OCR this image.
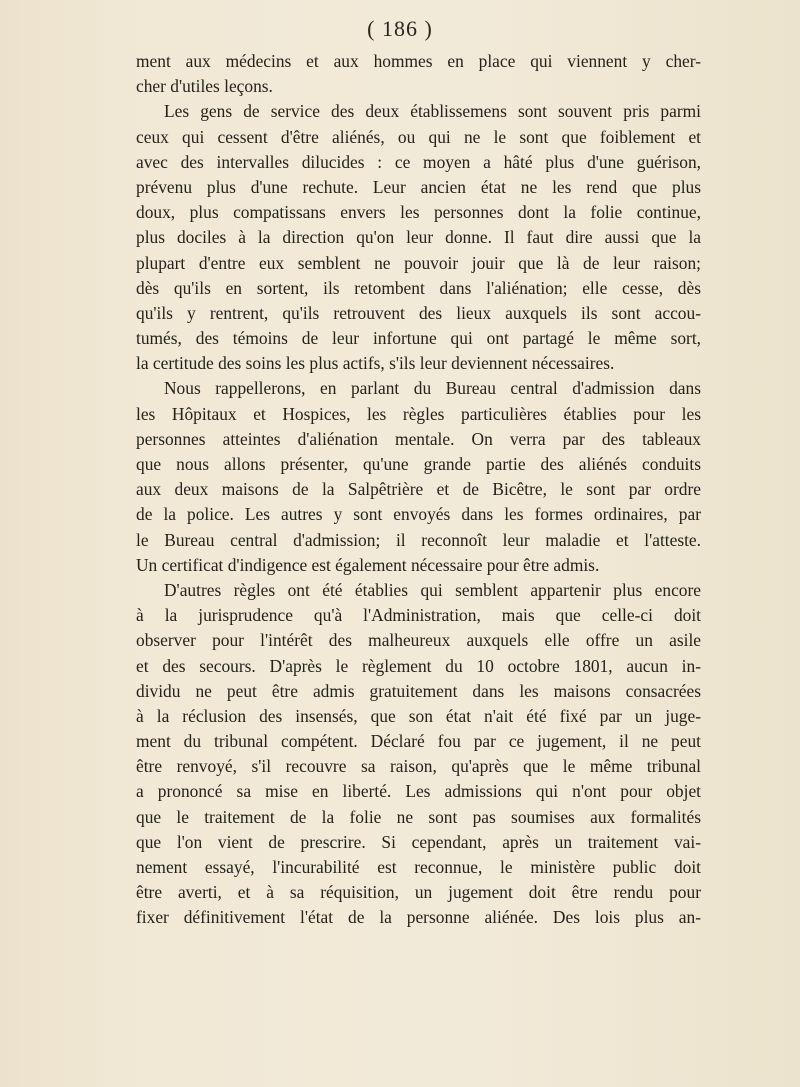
( 186 )
ment aux médecins et aux hommes en place qui viennent y cher-
cher d'utiles leçons.
Les gens de service des deux établissemens sont souvent pris parmi
ceux qui cessent d'être aliénés, ou qui ne le sont que foiblement et
avec des intervalles dilucides : ce moyen a hâté plus d'une guérison,
prévenu plus d'une rechute. Leur ancien état ne les rend que plus
doux, plus compatissans envers les personnes dont la folie continue,
plus dociles à la direction qu'on leur donne. Il faut dire aussi que la
plupart d'entre eux semblent ne pouvoir jouir que là de leur raison;
dès qu'ils en sortent, ils retombent dans l'aliénation; elle cesse, dès
qu'ils y rentrent, qu'ils retrouvent des lieux auxquels ils sont accou-
tumés, des témoins de leur infortune qui ont partagé le même sort,
la certitude des soins les plus actifs, s'ils leur deviennent nécessaires.
Nous rappellerons, en parlant du Bureau central d'admission dans
les Hôpitaux et Hospices, les règles particulières établies pour les
personnes atteintes d'aliénation mentale. On verra par des tableaux
que nous allons présenter, qu'une grande partie des aliénés conduits
aux deux maisons de la Salpêtrière et de Bicêtre, le sont par ordre
de la police. Les autres y sont envoyés dans les formes ordinaires, par
le Bureau central d'admission; il reconnoît leur maladie et l'atteste.
Un certificat d'indigence est également nécessaire pour être admis.
D'autres règles ont été établies qui semblent appartenir plus encore
à la jurisprudence qu'à l'Administration, mais que celle-ci doit
observer pour l'intérêt des malheureux auxquels elle offre un asile
et des secours. D'après le règlement du 10 octobre 1801, aucun in-
dividu ne peut être admis gratuitement dans les maisons consacrées
à la réclusion des insensés, que son état n'ait été fixé par un juge-
ment du tribunal compétent. Déclaré fou par ce jugement, il ne peut
être renvoyé, s'il recouvre sa raison, qu'après que le même tribunal
a prononcé sa mise en liberté. Les admissions qui n'ont pour objet
que le traitement de la folie ne sont pas soumises aux formalités
que l'on vient de prescrire. Si cependant, après un traitement vai-
nement essayé, l'incurabilité est reconnue, le ministère public doit
être averti, et à sa réquisition, un jugement doit être rendu pour
fixer définitivement l'état de la personne aliénée. Des lois plus an-
